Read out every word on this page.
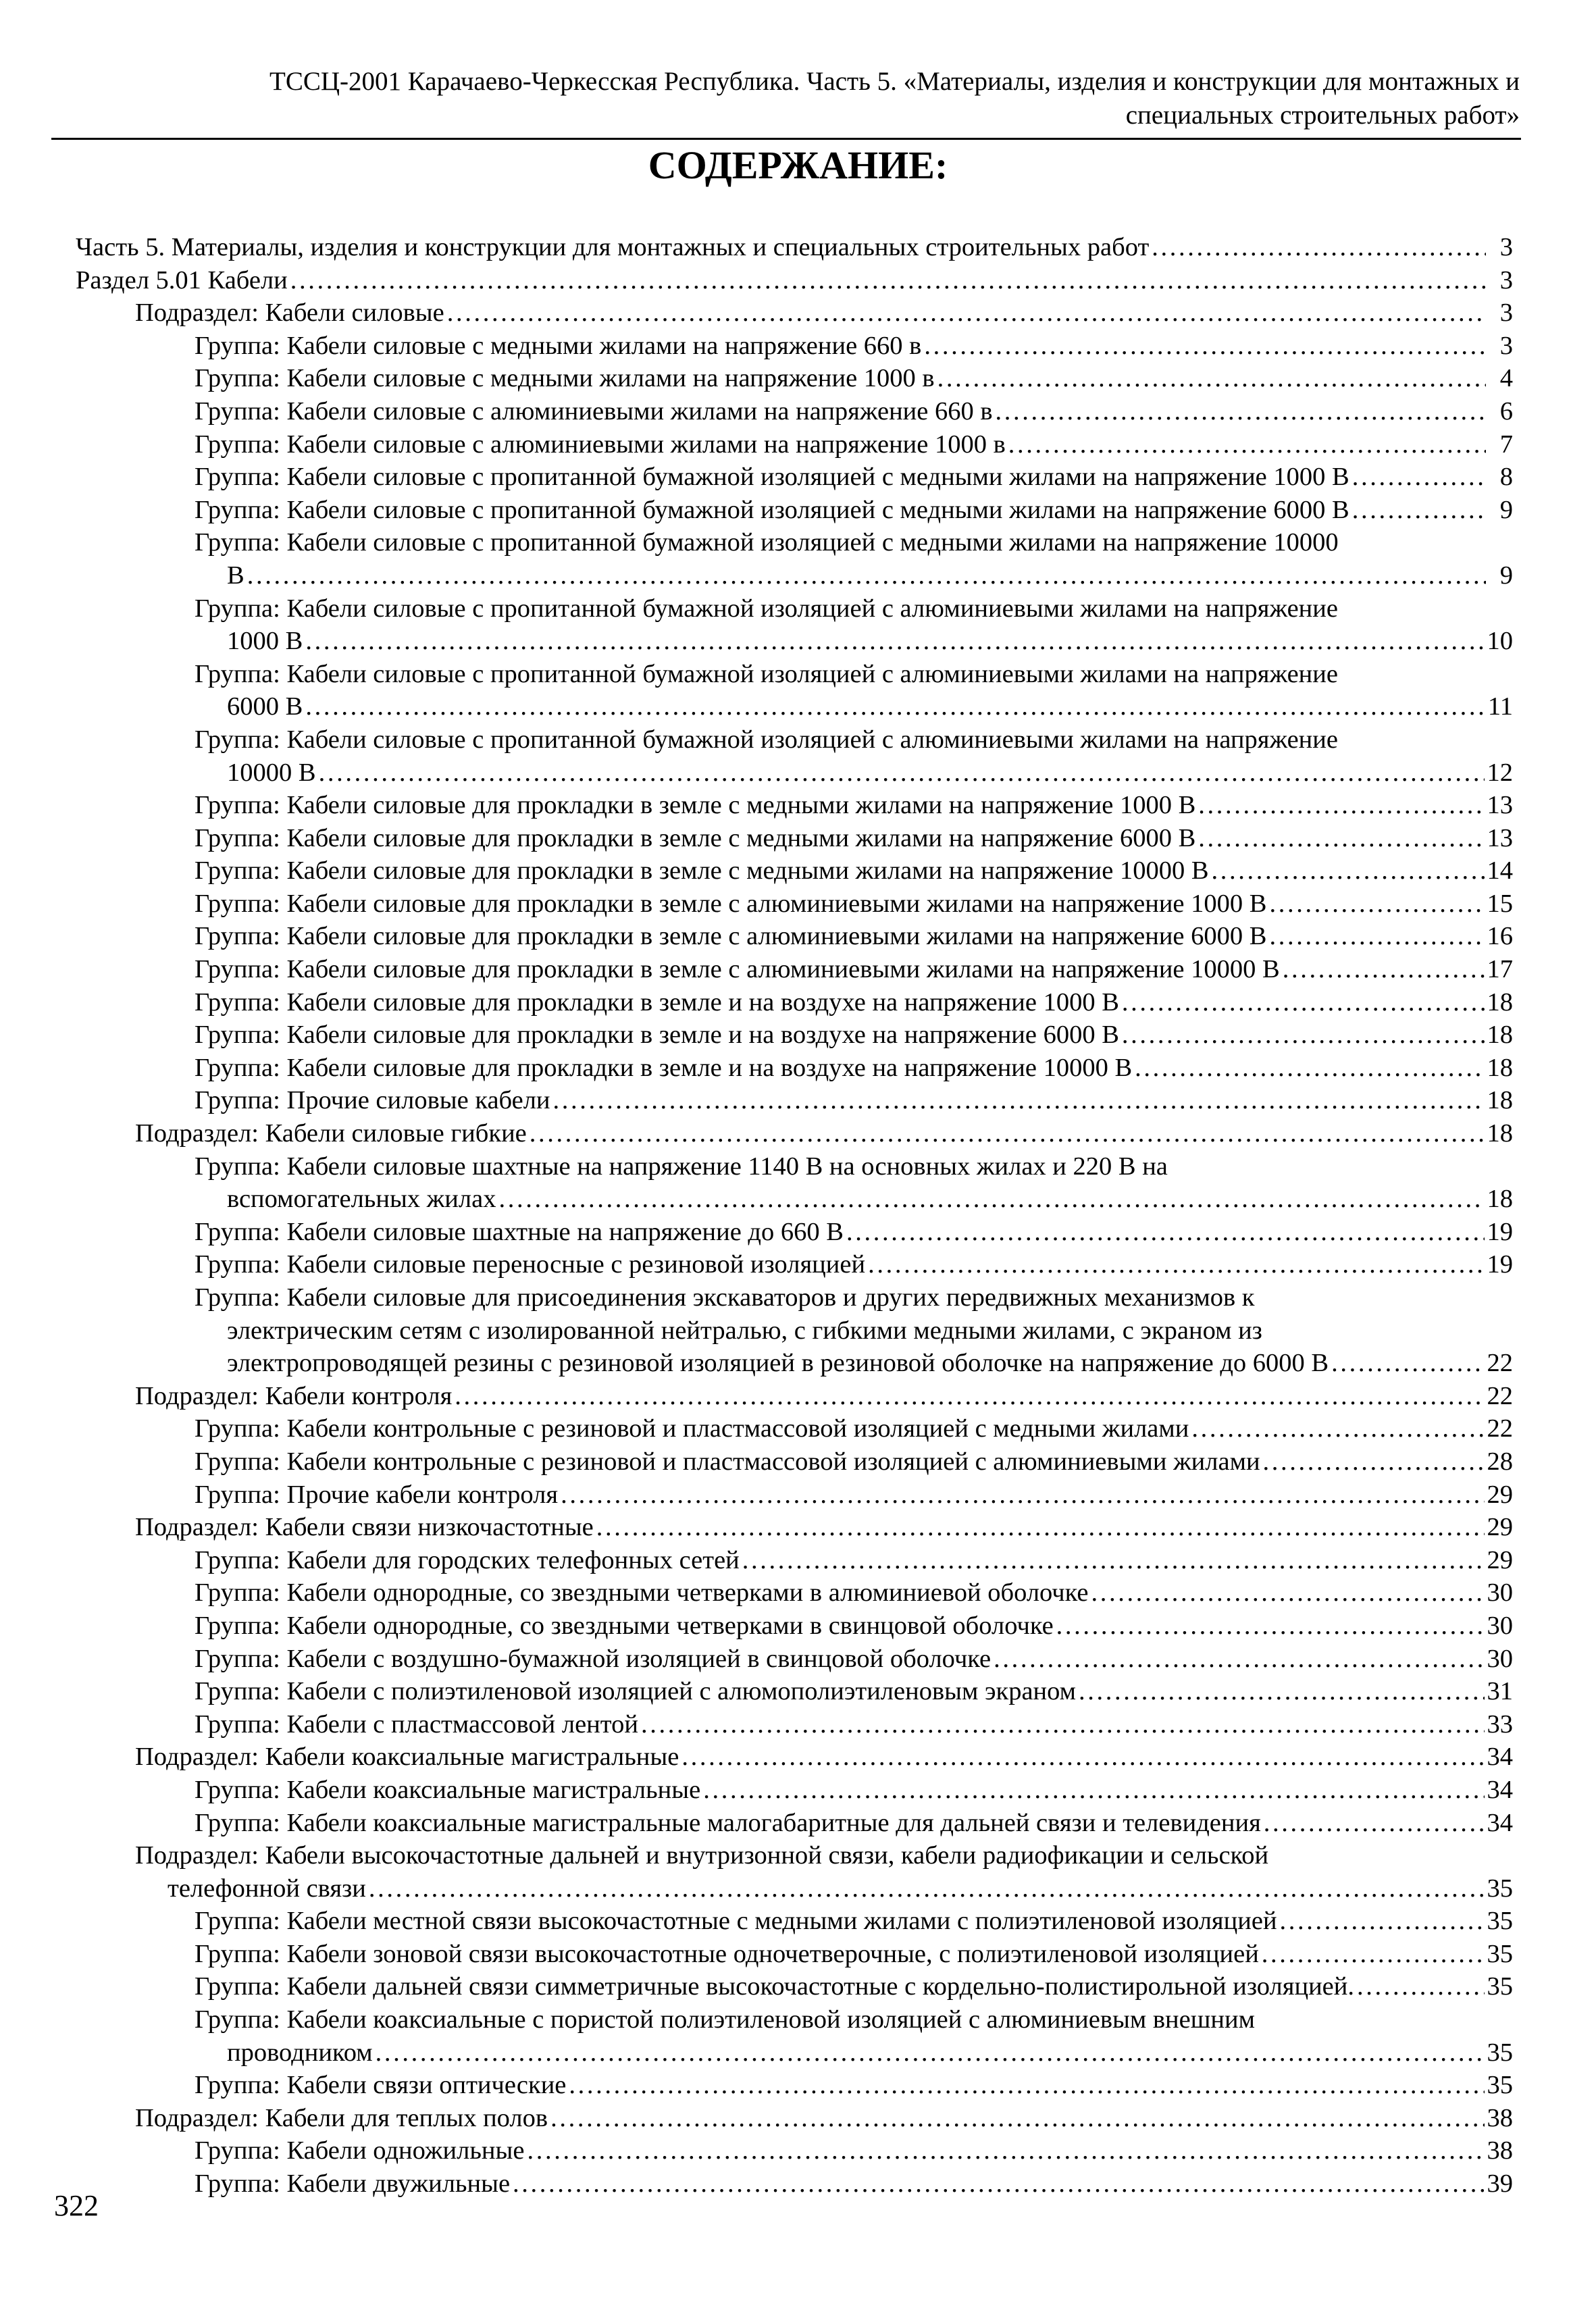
ТССЦ-2001 Карачаево-Черкесская Республика. Часть 5. «Материалы, изделия и конструкции для монтажных и
специальных строительных работ»
СОДЕРЖАНИЕ:
Часть 5. Материалы, изделия и конструкции для монтажных и специальных строительных работ . . .	3
Раздел 5.01 Кабели . . .	3
Подраздел: Кабели силовые . . .	3
Группа: Кабели силовые с медными жилами на напряжение 660 в . . .	3
Группа: Кабели силовые с медными жилами на напряжение 1000 в . . .	4
Группа: Кабели силовые с алюминиевыми жилами на напряжение 660 в . . .	6
Группа: Кабели силовые с алюминиевыми жилами на напряжение 1000 в . . .	7
Группа: Кабели силовые с пропитанной бумажной изоляцией с медными жилами на напряжение 1000 В . . .	8
Группа: Кабели силовые с пропитанной бумажной изоляцией с медными жилами на напряжение 6000 В . . .	9
Группа: Кабели силовые с пропитанной бумажной изоляцией с медными жилами на напряжение 10000
В . . .	9
Группа: Кабели силовые с пропитанной бумажной изоляцией с алюминиевыми жилами на напряжение
1000 В . . .	10
Группа: Кабели силовые с пропитанной бумажной изоляцией с алюминиевыми жилами на напряжение
6000 В . . .	11
Группа: Кабели силовые с пропитанной бумажной изоляцией с алюминиевыми жилами на напряжение
10000 В . . .	12
Группа: Кабели силовые для прокладки в земле с медными жилами на напряжение 1000 В . . .	13
Группа: Кабели силовые для прокладки в земле с медными жилами на напряжение 6000 В . . .	13
Группа: Кабели силовые для прокладки в земле с медными жилами на напряжение 10000 В . . .	14
Группа: Кабели силовые для прокладки в земле с алюминиевыми жилами на напряжение 1000 В . . .	15
Группа: Кабели силовые для прокладки в земле с алюминиевыми жилами на напряжение 6000 В . . .	16
Группа: Кабели силовые для прокладки в земле с алюминиевыми жилами на напряжение 10000 В . . .	17
Группа: Кабели силовые для прокладки в земле и на воздухе на напряжение 1000 В . . .	18
Группа: Кабели силовые для прокладки в земле и на воздухе на напряжение 6000 В . . .	18
Группа: Кабели силовые для прокладки в земле и на воздухе на напряжение 10000 В . . .	18
Группа: Прочие силовые кабели . . .	18
Подраздел: Кабели силовые гибкие . . .	18
Группа: Кабели силовые шахтные на напряжение 1140 В на основных жилах и 220 В на
вспомогательных жилах . . .	18
Группа: Кабели силовые шахтные на напряжение до 660 В . . .	19
Группа: Кабели силовые переносные с резиновой изоляцией . . .	19
Группа: Кабели силовые для присоединения экскаваторов и других передвижных механизмов к
электрическим сетям с изолированной нейтралью, с гибкими медными жилами, с экраном из
электропроводящей резины с резиновой изоляцией в резиновой оболочке на напряжение до 6000 В . . .	22
Подраздел: Кабели контроля . . .	22
Группа: Кабели контрольные с резиновой и пластмассовой изоляцией с медными жилами . . .	22
Группа: Кабели контрольные с резиновой и пластмассовой изоляцией с алюминиевыми жилами . . .	28
Группа: Прочие кабели контроля . . .	29
Подраздел: Кабели связи низкочастотные . . .	29
Группа: Кабели для городских телефонных сетей . . .	29
Группа: Кабели однородные, со звездными четверками в алюминиевой оболочке . . .	30
Группа: Кабели однородные, со звездными четверками в свинцовой оболочке . . .	30
Группа: Кабели с воздушно-бумажной изоляцией в свинцовой оболочке . . .	30
Группа: Кабели с полиэтиленовой изоляцией с алюмополиэтиленовым экраном . . .	31
Группа: Кабели с пластмассовой лентой . . .	33
Подраздел: Кабели коаксиальные магистральные . . .	34
Группа: Кабели коаксиальные магистральные . . .	34
Группа: Кабели коаксиальные магистральные малогабаритные для дальней связи и телевидения . . .	34
Подраздел: Кабели высокочастотные дальней и внутризонной связи, кабели радиофикации и сельской
телефонной связи . . .	35
Группа: Кабели местной связи высокочастотные с медными жилами с полиэтиленовой изоляцией . . .	35
Группа: Кабели зоновой связи высокочастотные одночетверочные, с полиэтиленовой изоляцией . . .	35
Группа: Кабели дальней связи симметричные высокочастотные с кордельно-полистирольной изоляцией. . . .	35
Группа: Кабели коаксиальные с пористой полиэтиленовой изоляцией с алюминиевым внешним
проводником . . .	35
Группа: Кабели связи оптические . . .	35
Подраздел: Кабели для теплых полов . . .	38
Группа: Кабели одножильные . . .	38
Группа: Кабели двужильные . . .	39
322
